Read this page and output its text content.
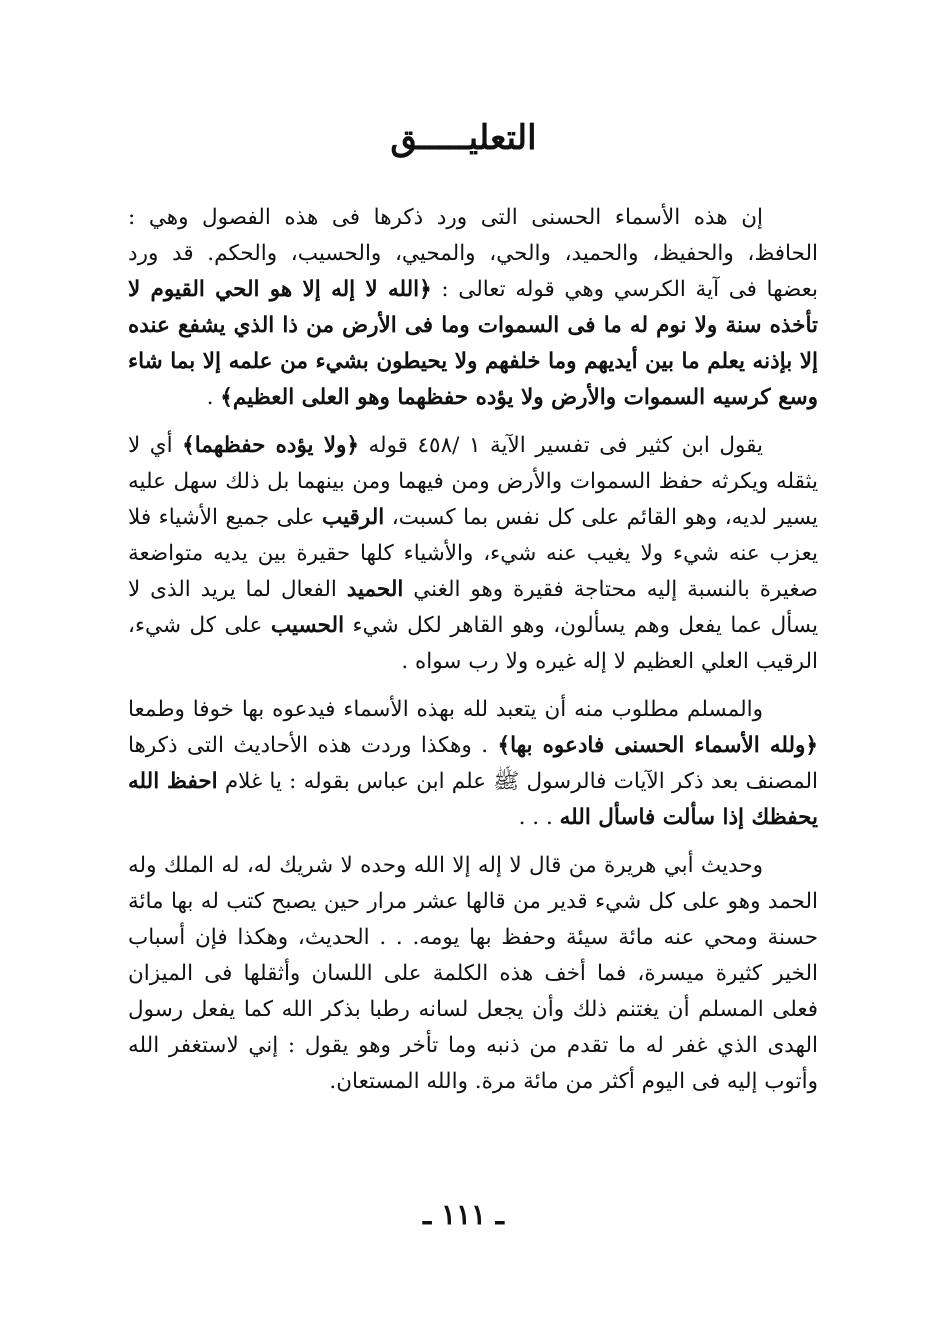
التعليـــــق

إن هذه الأسماء الحسنى التى ورد ذكرها فى هذه الفصول وهي : الحافظ، والحفيظ، والحميد، والحي، والمحيي، والحسيب، والحكم. قد ورد بعضها فى آية الكرسي وهي قوله تعالى : ﴿الله لا إله إلا هو الحي القيوم لا تأخذه سنة ولا نوم له ما فى السموات وما فى الأرض من ذا الذي يشفع عنده إلا بإذنه يعلم ما بين أيديهم وما خلفهم ولا يحيطون بشيء من علمه إلا بما شاء وسع كرسيه السموات والأرض ولا يؤده حفظهما وهو العلى العظيم﴾ .

يقول ابن كثير فى تفسير الآية ١ /٤٥٨ قوله ﴿ولا يؤده حفظهما﴾ أي لا يثقله ويكرثه حفظ السموات والأرض ومن فيهما ومن بينهما بل ذلك سهل عليه يسير لديه، وهو القائم على كل نفس بما كسبت، الرقيب على جميع الأشياء فلا يعزب عنه شيء ولا يغيب عنه شيء، والأشياء كلها حقيرة بين يديه متواضعة صغيرة بالنسبة إليه محتاجة فقيرة وهو الغني الحميد الفعال لما يريد الذى لا يسأل عما يفعل وهم يسألون، وهو القاهر لكل شيء الحسيب على كل شيء، الرقيب العلي العظيم لا إله غيره ولا رب سواه .

والمسلم مطلوب منه أن يتعبد لله بهذه الأسماء فيدعوه بها خوفا وطمعا ﴿ولله الأسماء الحسنى فادعوه بها﴾ . وهكذا وردت هذه الأحاديث التى ذكرها المصنف بعد ذكر الآيات فالرسول ﷺ علم ابن عباس بقوله : يا غلام احفظ الله يحفظك إذا سألت فاسأل الله . . .

وحديث أبي هريرة من قال لا إله إلا الله وحده لا شريك له، له الملك وله الحمد وهو على كل شيء قدير من قالها عشر مرار حين يصبح كتب له بها مائة حسنة ومحي عنه مائة سيئة وحفظ بها يومه. . . الحديث، وهكذا فإن أسباب الخير كثيرة ميسرة، فما أخف هذه الكلمة على اللسان وأثقلها فى الميزان فعلى المسلم أن يغتنم ذلك وأن يجعل لسانه رطبا بذكر الله كما يفعل رسول الهدى الذي غفر له ما تقدم من ذنبه وما تأخر وهو يقول : إني لاستغفر الله وأتوب إليه فى اليوم أكثر من مائة مرة. والله المستعان.

ـ ١١١ ـ
